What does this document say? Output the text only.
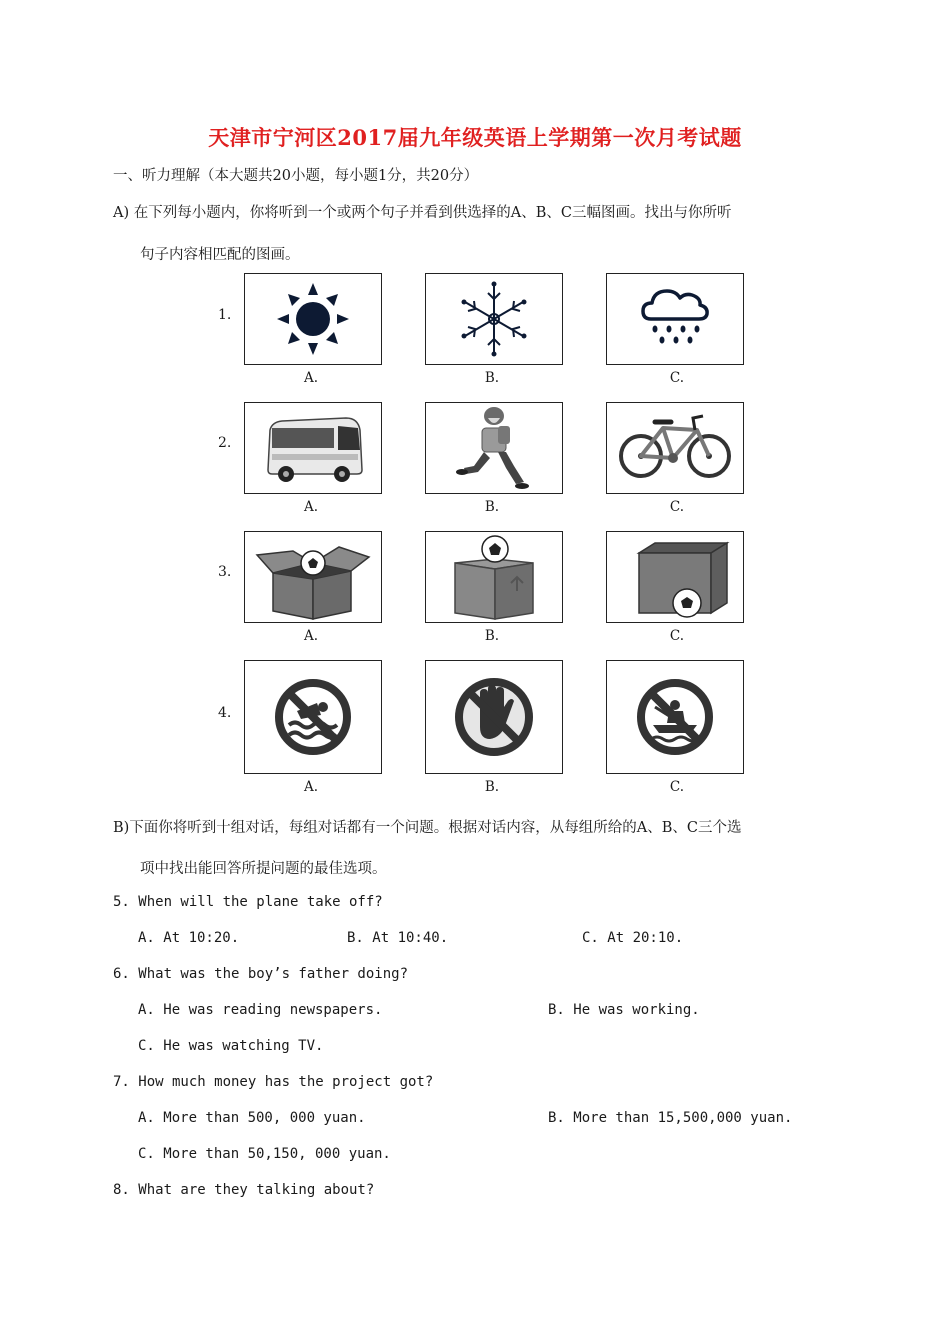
天津市宁河区2017届九年级英语上学期第一次月考试题
一、听力理解（本大题共20小题，每小题1分，共20分）
A) 在下列每小题内，你将听到一个或两个句子并看到供选择的A、B、C三幅图画。找出与你所听
句子内容相匹配的图画。
1.
A.	B.	C.
2.
A.	B.	C.
3.
A.	B.	C.
4.
A.	B.	C.
B)下面你将听到十组对话，每组对话都有一个问题。根据对话内容，从每组所给的A、B、C三个选
项中找出能回答所提问题的最佳选项。
5. When will the plane take off?
A. At 10:20.	B. At 10:40.	C. At 20:10.
6. What was the boy’s father doing?
A. He was reading newspapers.	B. He was working.
C. He was watching TV.
7. How much money has the project got?
A. More than 500, 000 yuan.	B. More than 15,500,000 yuan.
C. More than 50,150, 000 yuan.
8. What are they talking about?
